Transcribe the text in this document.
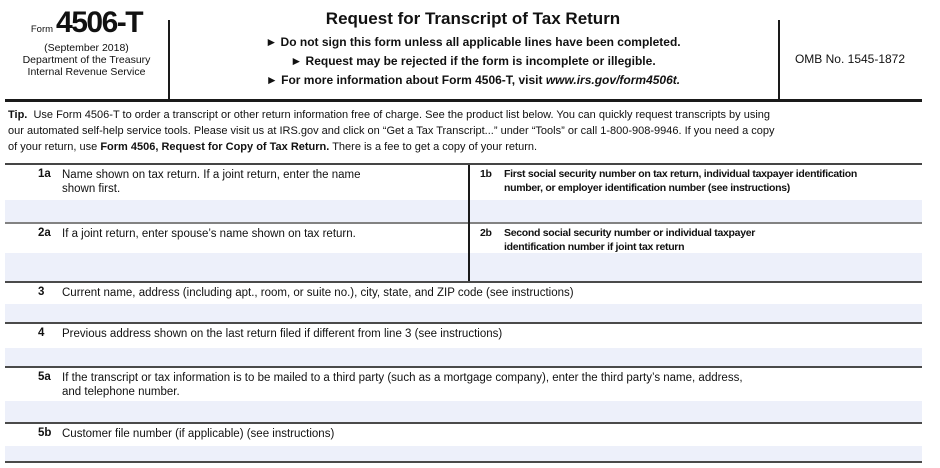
Form 4506-T
(September 2018)
Department of the Treasury
Internal Revenue Service
Request for Transcript of Tax Return
► Do not sign this form unless all applicable lines have been completed.
► Request may be rejected if the form is incomplete or illegible.
► For more information about Form 4506-T, visit www.irs.gov/form4506t.
OMB No. 1545-1872
Tip.  Use Form 4506-T to order a transcript or other return information free of charge. See the product list below. You can quickly request transcripts by using
our automated self-help service tools. Please visit us at IRS.gov and click on “Get a Tax Transcript...” under “Tools” or call 1-800-908-9946. If you need a copy
of your return, use Form 4506, Request for Copy of Tax Return. There is a fee to get a copy of your return.
1a Name shown on tax return. If a joint return, enter the name
shown first.
1b	First social security number on tax return, individual taxpayer identification
number, or employer identification number (see instructions)
2a If a joint return, enter spouse’s name shown on tax return.	2b	Second social security number or individual taxpayer
identification number if joint tax return
3	Current name, address (including apt., room, or suite no.), city, state, and ZIP code (see instructions)
4	Previous address shown on the last return filed if different from line 3 (see instructions)
5a If the transcript or tax information is to be mailed to a third party (such as a mortgage company), enter the third party’s name, address,
and telephone number.
5b Customer file number (if applicable) (see instructions)
